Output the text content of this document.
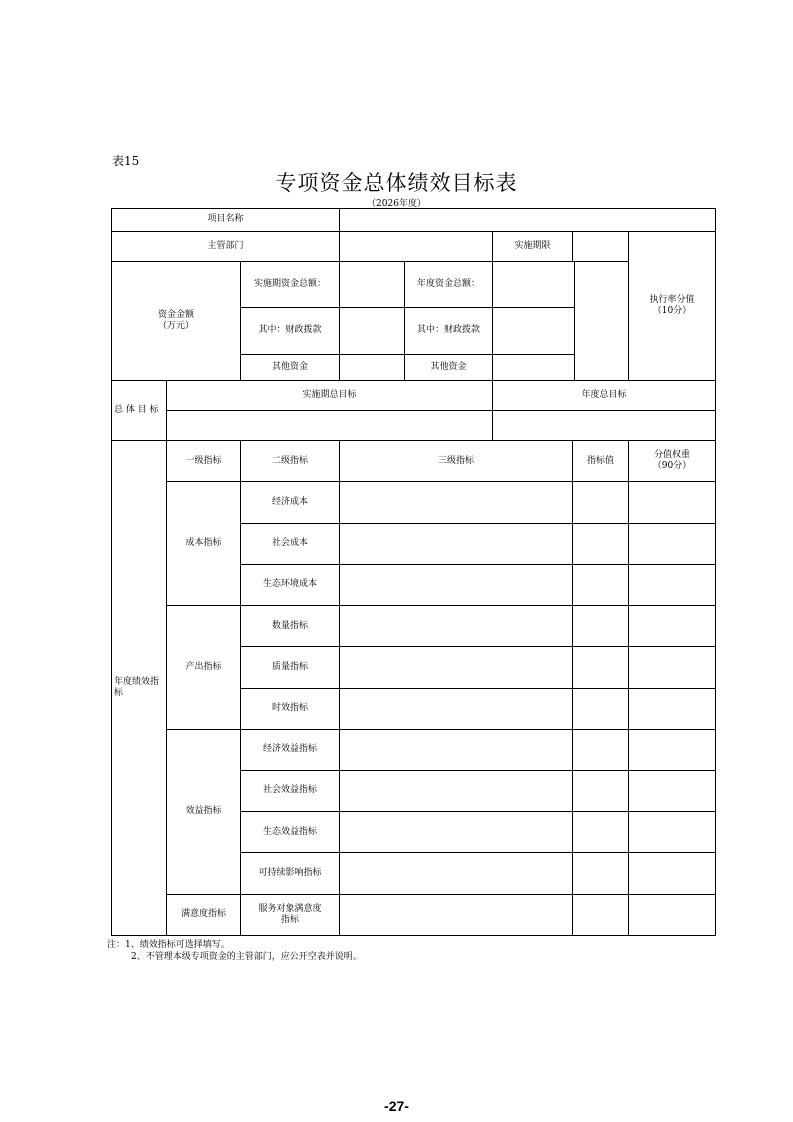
表15
专项资金总体绩效目标表
（2026年度）
项目名称							
主管部门					实施期限		执行率分值
（10分）

资金金额
（万元）		实施期资金总额：		年度资金总额：			
		其中：财政拨款		其中：财政拨款			
		其他资金		其他资金			
总 体 目 标	实施期总目标				年度总目标		

年度绩效指标	一级指标	二级指标	三级指标			指标值	分值权重
（90分）

	成本指标	经济成本					
		社会成本					
		生态环境成本					
	产出指标	数量指标					
		质量指标					
		时效指标					
	效益指标	经济效益指标					
		社会效益指标					
		生态效益指标					
		可持续影响指标					
	满意度指标	服务对象满意度
指标					

注：1、绩效指标可选择填写。
2、不管理本级专项资金的主管部门，应公开空表并说明。
-27-
